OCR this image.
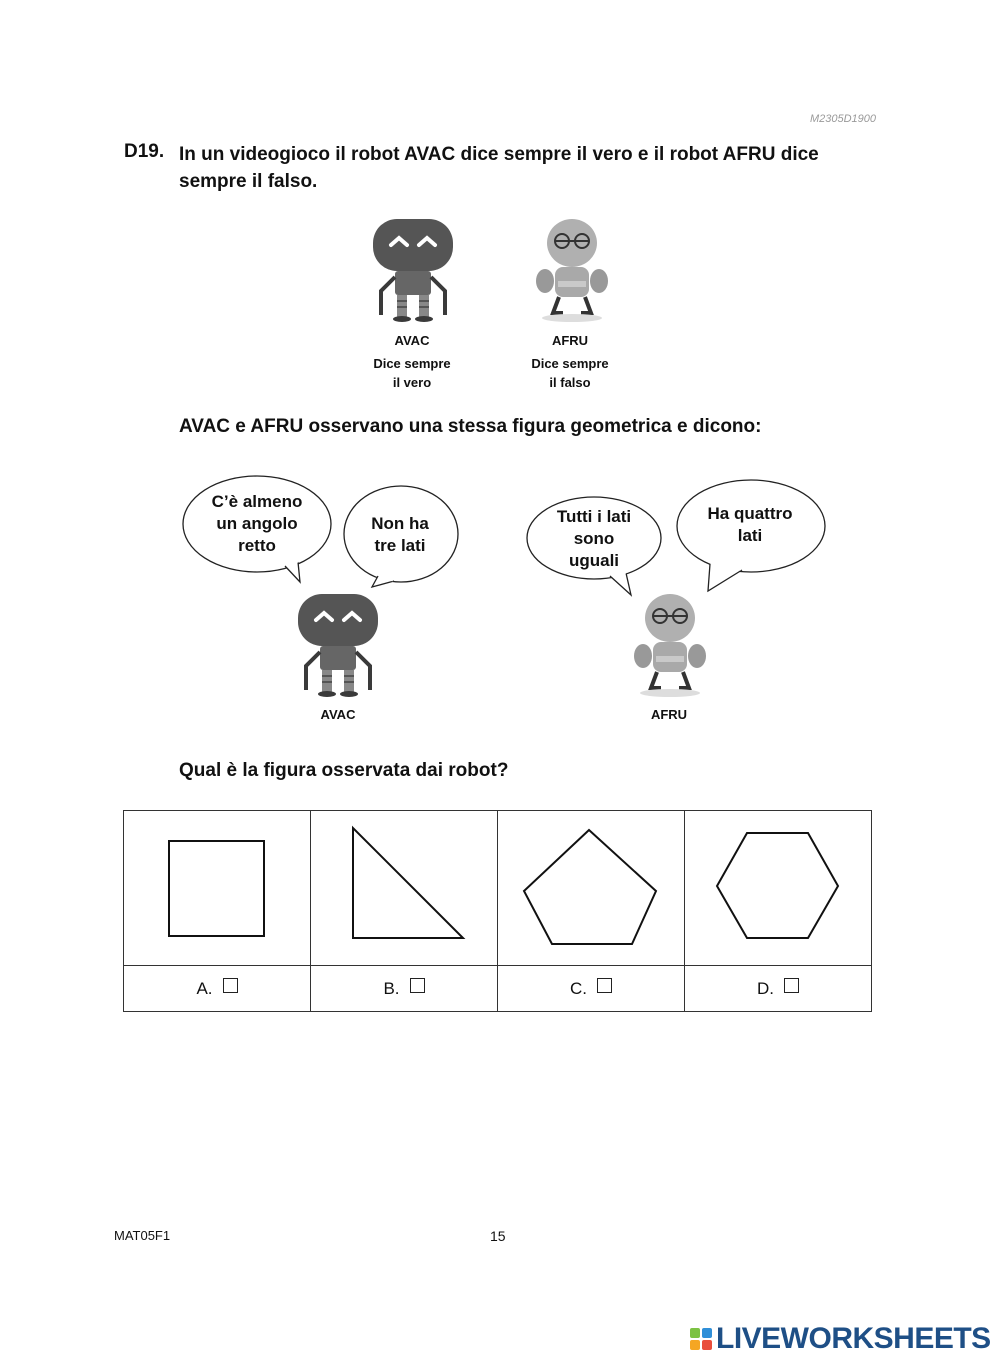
M2305D1900
D19. In un videogioco il robot AVAC dice sempre il vero e il robot AFRU dice
sempre il falso.
AVAC
Dice sempre
il vero
AFRU
Dice sempre
il falso
AVAC e AFRU osservano una stessa figura geometrica e dicono:
C’è almeno
un angolo
retto
Non ha
tre lati
Tutti i lati
sono
uguali
Ha quattro
lati
AVAC	AFRU
Qual è la figura osservata dai robot?

A.	B.	C.	D.
MAT05F1	15
LIVEWORKSHEETS
